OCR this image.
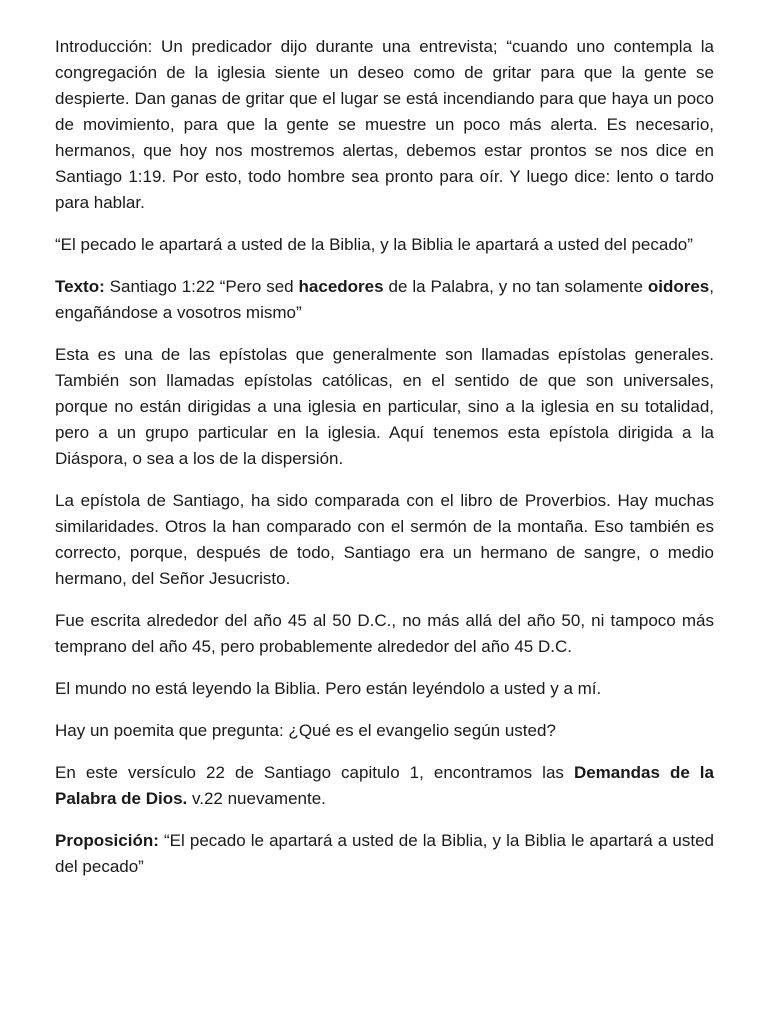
Introducción: Un predicador dijo durante una entrevista; “cuando uno contempla la congregación de la iglesia siente un deseo como de gritar para que la gente se despierte. Dan ganas de gritar que el lugar se está incendiando para que haya un poco de movimiento, para que la gente se muestre un poco más alerta. Es necesario, hermanos, que hoy nos mostremos alertas, debemos estar prontos se nos dice en Santiago 1:19. Por esto, todo hombre sea pronto para oír. Y luego dice: lento o tardo para hablar.

“El pecado le apartará a usted de la Biblia, y la Biblia le apartará a usted del pecado”

Texto: Santiago 1:22 “Pero sed hacedores de la Palabra, y no tan solamente oidores, engañándose a vosotros mismo”

Esta es una de las epístolas que generalmente son llamadas epístolas generales. También son llamadas epístolas católicas, en el sentido de que son universales, porque no están dirigidas a una iglesia en particular, sino a la iglesia en su totalidad, pero a un grupo particular en la iglesia. Aquí tenemos esta epístola dirigida a la Diáspora, o sea a los de la dispersión.

La epístola de Santiago, ha sido comparada con el libro de Proverbios. Hay muchas similaridades. Otros la han comparado con el sermón de la montaña. Eso también es correcto, porque, después de todo, Santiago era un hermano de sangre, o medio hermano, del Señor Jesucristo.

Fue escrita alrededor del año 45 al 50 D.C., no más allá del año 50, ni tampoco más temprano del año 45, pero probablemente alrededor del año 45 D.C.

El mundo no está leyendo la Biblia. Pero están leyéndolo a usted y a mí.

Hay un poemita que pregunta: ¿Qué es el evangelio según usted?

En este versículo 22 de Santiago capitulo 1, encontramos las Demandas de la Palabra de Dios. v.22 nuevamente.

Proposición: “El pecado le apartará a usted de la Biblia, y la Biblia le apartará a usted del pecado”
